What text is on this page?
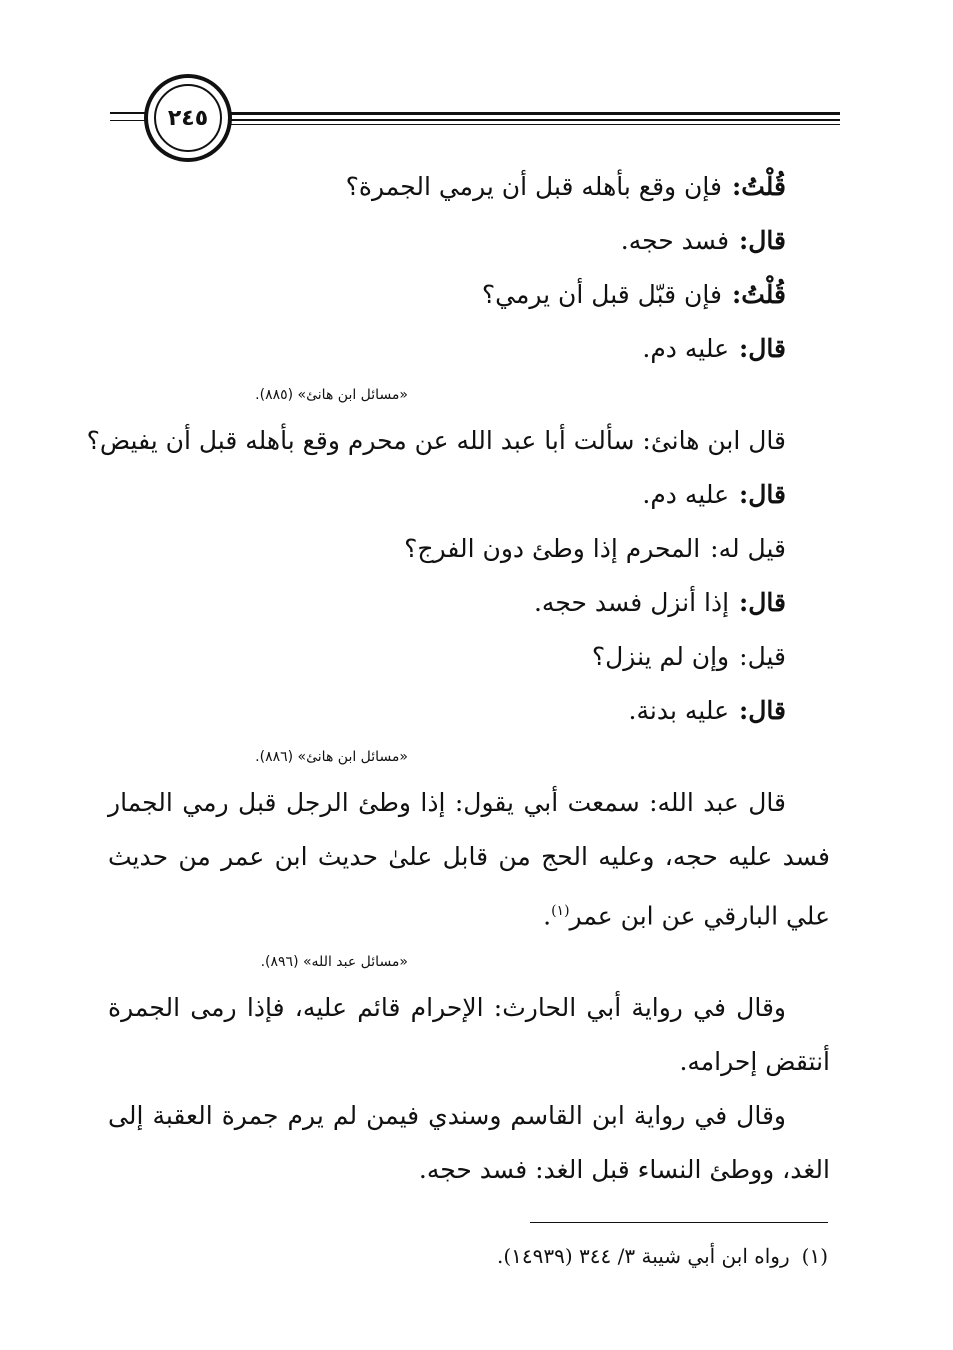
٢٤٥
قُلْتُ:فإن وقع بأهله قبل أن يرمي الجمرة؟
قال:فسد حجه.
قُلْتُ:فإن قبّل قبل أن يرمي؟
قال:عليه دم.
«مسائل ابن هانئ» (٨٨٥).
قال ابن هانئ: سألت أبا عبد الله عن محرم وقع بأهله قبل أن يفيض؟
قال:عليه دم.
قيل له:المحرم إذا وطئ دون الفرج؟
قال:إذا أنزل فسد حجه.
قيل:وإن لم ينزل؟
قال:عليه بدنة.
«مسائل ابن هانئ» (٨٨٦).
قال عبد الله: سمعت أبي يقول: إذا وطئ الرجل قبل رمي الجمار فسد عليه حجه، وعليه الحج من قابل علىٰ حديث ابن عمر من حديث علي البارقي عن ابن عمر$^{(١)}$.
«مسائل عبد الله» (٨٩٦).
وقال في رواية أبي الحارث: الإحرام قائم عليه، فإذا رمى الجمرة أنتقض إحرامه.
وقال في رواية ابن القاسم وسندي فيمن لم يرم جمرة العقبة إلى الغد، ووطئ النساء قبل الغد: فسد حجه.
(١)رواه ابن أبي شيبة ٣/ ٣٤٤ (١٤٩٣٩).
